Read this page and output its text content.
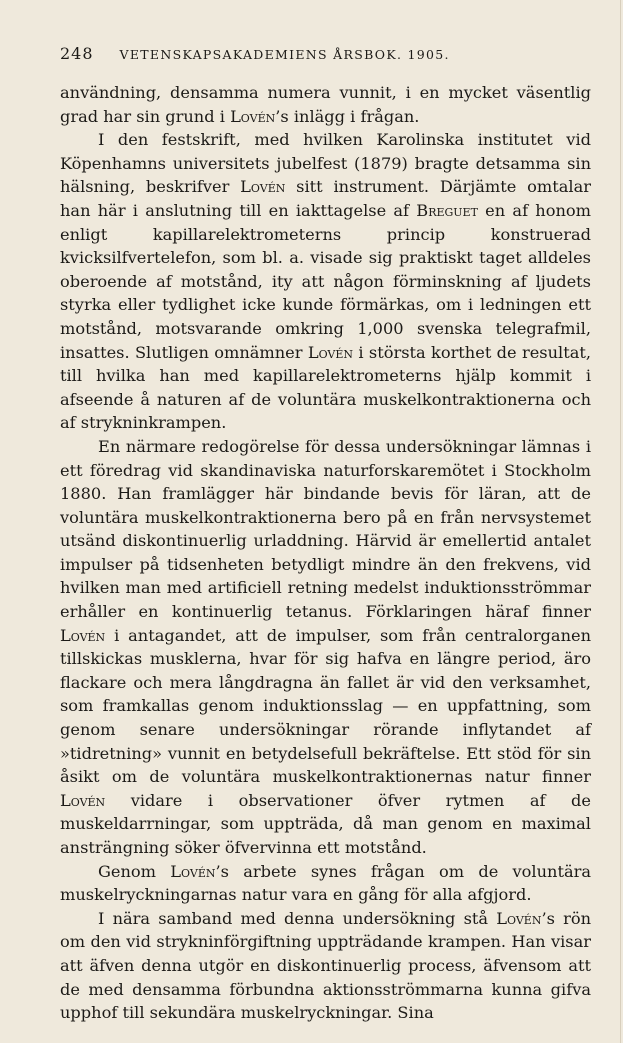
248 VETENSKAPSAKADEMIENS ÅRSBOK. 1905.

användning, densamma numera vunnit, i en mycket väsentlig grad har sin grund i Lovén’s inlägg i frågan.

I den festskrift, med hvilken Karolinska institutet vid Köpenhamns universitets jubelfest (1879) bragte detsamma sin hälsning, beskrifver Lovén sitt instrument. Därjämte omtalar han här i anslutning till en iakttagelse af Breguet en af honom enligt kapillarelektrometerns princip konstruerad kvicksilfvertelefon, som bl. a. visade sig praktiskt taget alldeles oberoende af motstånd, ity att någon förminskning af ljudets styrka eller tydlighet icke kunde förmärkas, om i ledningen ett motstånd, motsvarande omkring 1,000 svenska telegrafmil, insattes. Slutligen omnämner Lovén i största korthet de resultat, till hvilka han med kapillarelektrometerns hjälp kommit i afseende å naturen af de voluntära muskelkontraktionerna och af strykninkrampen.

En närmare redogörelse för dessa undersökningar lämnas i ett föredrag vid skandinaviska naturforskaremötet i Stockholm 1880. Han framlägger här bindande bevis för läran, att de voluntära muskelkontraktionerna bero på en från nervsystemet utsänd diskontinuerlig urladdning. Härvid är emellertid antalet impulser på tidsenheten betydligt mindre än den frekvens, vid hvilken man med artificiell retning medelst induktionsströmmar erhåller en kontinuerlig tetanus. Förklaringen häraf finner Lovén i antagandet, att de impulser, som från centralorganen tillskickas musklerna, hvar för sig hafva en längre period, äro flackare och mera långdragna än fallet är vid den verksamhet, som framkallas genom induktionsslag — en uppfattning, som genom senare undersökningar rörande inflytandet af »tidretning» vunnit en betydelsefull bekräftelse. Ett stöd för sin åsikt om de voluntära muskelkontraktionernas natur finner Lovén vidare i observationer öfver rytmen af de muskeldarrningar, som uppträda, då man genom en maximal ansträngning söker öfvervinna ett motstånd.

Genom Lovén’s arbete synes frågan om de voluntära muskelryckningarnas natur vara en gång för alla afgjord.

I nära samband med denna undersökning stå Lovén’s rön om den vid strykninförgiftning uppträdande krampen. Han visar att äfven denna utgör en diskontinuerlig process, äfvensom att de med densamma förbundna aktionsströmmarna kunna gifva upphof till sekundära muskelryckningar. Sina
